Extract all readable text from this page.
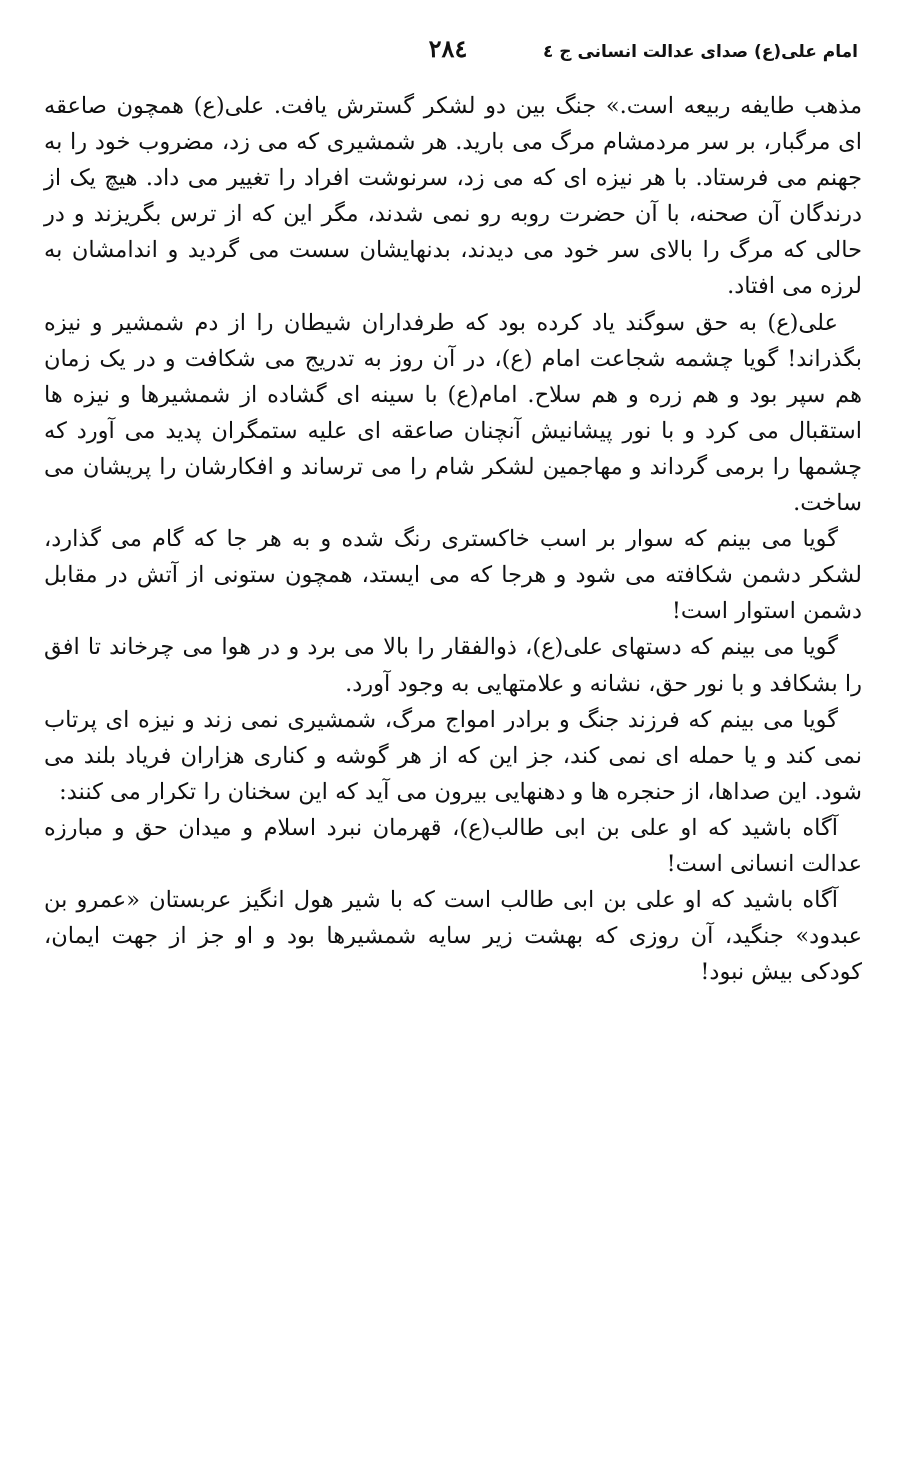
امام علی(ع) صدای عدالت انسانی ج ٤
٢٨٤

مذهب طایفه ربیعه است.» جنگ بین دو لشکر گسترش یافت. علی(ع) همچون صاعقه ای مرگبار، بر سر مردمشام مرگ می بارید. هر شمشیری که می زد، مضروب خود را به جهنم می فرستاد. با هر نیزه ای که می زد، سرنوشت افراد را تغییر می داد. هیچ یک از درندگان آن صحنه، با آن حضرت روبه رو نمی شدند، مگر این که از ترس بگریزند و در حالی که مرگ را بالای سر خود می دیدند، بدنهایشان سست می گردید و اندامشان به لرزه می افتاد.

علی(ع) به حق سوگند یاد کرده بود که طرفداران شیطان را از دم شمشیر و نیزه بگذراند! گویا چشمه شجاعت امام (ع)، در آن روز به تدریج می شکافت و در یک زمان هم سپر بود و هم زره و هم سلاح. امام(ع) با سینه ای گشاده از شمشیرها و نیزه ها استقبال می کرد و با نور پیشانیش آنچنان صاعقه ای علیه ستمگران پدید می آورد که چشمها را برمی گرداند و مهاجمین لشکر شام را می ترساند و افکارشان را پریشان می ساخت.

گویا می بینم که سوار بر اسب خاکستری رنگ شده و به هر جا که گام می گذارد، لشکر دشمن شکافته می شود و هرجا که می ایستد، همچون ستونی از آتش در مقابل دشمن استوار است!

گویا می بینم که دستهای علی(ع)، ذوالفقار را بالا می برد و در هوا می چرخاند تا افق را بشکافد و با نور حق، نشانه و علامتهایی به وجود آورد.

گویا می بینم که فرزند جنگ و برادر امواج مرگ، شمشیری نمی زند و نیزه ای پرتاب نمی کند و یا حمله ای نمی کند، جز این که از هر گوشه و کناری هزاران فریاد بلند می شود. این صداها، از حنجره ها و دهنهایی بیرون می آید که این سخنان را تکرار می کنند:

آگاه باشید که او علی بن ابی طالب(ع)، قهرمان نبرد اسلام و میدان حق و مبارزه عدالت انسانی است!

آگاه باشید که او علی بن ابی طالب است که با شیر هول انگیز عربستان «عمرو بن عبدود» جنگید، آن روزی که بهشت زیر سایه شمشیرها بود و او جز از جهت ایمان، کودکی بیش نبود!
